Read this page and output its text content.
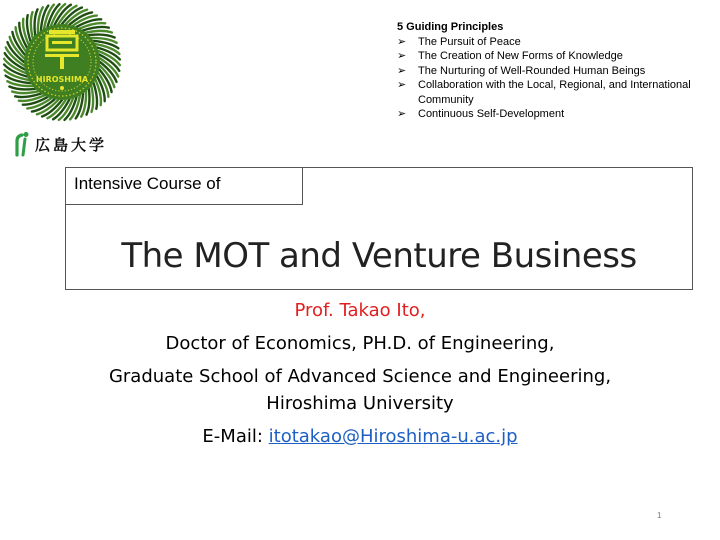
HIROSHIMA
広島大学
5 Guiding Principles
➢ The Pursuit of Peace
➢ The Creation of New Forms of Knowledge
➢ The Nurturing of Well-Rounded Human Beings
➢ Collaboration with the Local, Regional, and International Community
➢ Continuous Self-Development
Intensive Course of
The MOT and Venture Business
Prof. Takao Ito,
Doctor of Economics, PH.D. of Engineering,
Graduate School of Advanced Science and Engineering,
Hiroshima University
E-Mail: itotakao@Hiroshima-u.ac.jp
1
